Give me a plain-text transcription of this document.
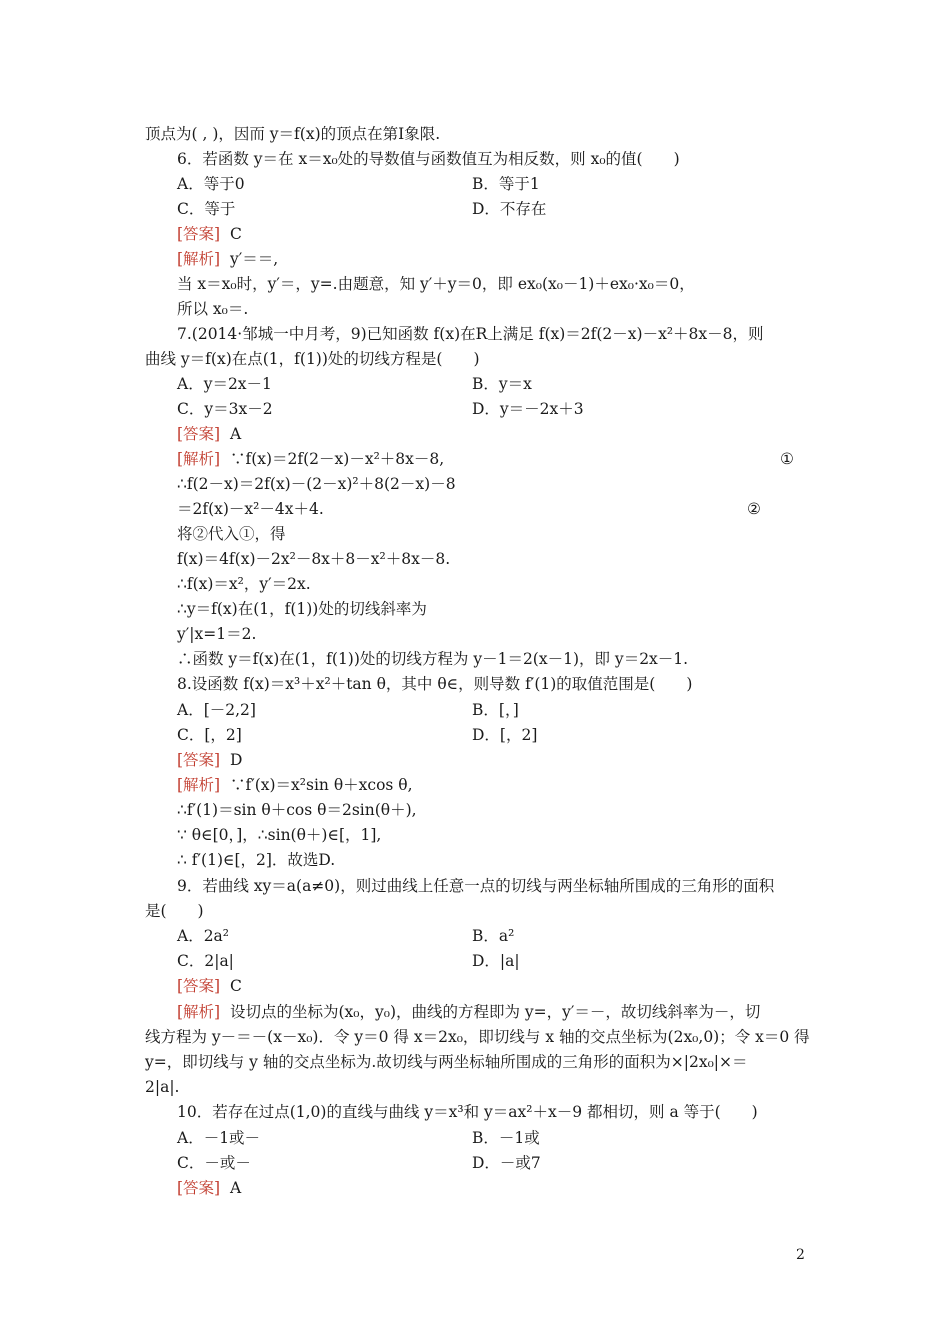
顶点为( , )，因而 y＝f(x)的顶点在第Ⅰ象限.
6．若函数 y＝在 x＝x₀处的导数值与函数值互为相反数，则 x₀的值(　　)
A．等于0	B．等于1
C．等于	D．不存在
[答案] C
[解析] y′＝＝,
当 x＝x₀时，y′＝，y=.由题意，知 y′＋y＝0，即 ex₀(x₀－1)＋ex₀·x₀＝0，
所以 x₀＝.
7.(2014·邹城一中月考，9)已知函数 f(x)在R上满足 f(x)＝2f(2－x)－x²＋8x－8，则
曲线 y＝f(x)在点(1，f(1))处的切线方程是(　　)
A．y＝2x－1	B．y＝x
C．y＝3x－2	D．y＝－2x＋3
[答案] A
[解析] ∵f(x)＝2f(2－x)－x²＋8x－8,	①
∴f(2－x)＝2f(x)－(2－x)²＋8(2－x)－8
＝2f(x)－x²－4x＋4.	②
将②代入①，得
f(x)＝4f(x)－2x²－8x＋8－x²＋8x－8.
∴f(x)＝x²，y′＝2x.
∴y＝f(x)在(1，f(1))处的切线斜率为
y′|x=1＝2.
∴函数 y＝f(x)在(1，f(1))处的切线方程为 y－1＝2(x－1)，即 y＝2x－1.
8.设函数 f(x)＝x³＋x²＋tan θ，其中 θ∈，则导数 f′(1)的取值范围是(　　)
A．[－2,2]	B．[，]
C．[，2]	D．[，2]
[答案] D
[解析] ∵f′(x)＝x²sin θ＋xcos θ,
∴f′(1)＝sin θ＋cos θ＝2sin(θ＋),
∵ θ∈[0，]，∴sin(θ＋)∈[，1],
∴ f′(1)∈[，2]．故选D.
9．若曲线 xy＝a(a≠0)，则过曲线上任意一点的切线与两坐标轴所围成的三角形的面积
是(　　)
A．2a²	B．a²
C．2|a|	D．|a|
[答案] C
[解析] 设切点的坐标为(x₀，y₀)，曲线的方程即为 y=，y′＝－，故切线斜率为－，切
线方程为 y－＝－(x－x₀)．令 y＝0 得 x＝2x₀，即切线与 x 轴的交点坐标为(2x₀,0)；令 x＝0 得
y=，即切线与 y 轴的交点坐标为.故切线与两坐标轴所围成的三角形的面积为×|2x₀|×＝
2|a|.
10．若存在过点(1,0)的直线与曲线 y＝x³和 y＝ax²＋x－9 都相切，则 a 等于(　　)
A．－1或－	B．－1或
C．－或－	D．－或7
[答案] A
2
